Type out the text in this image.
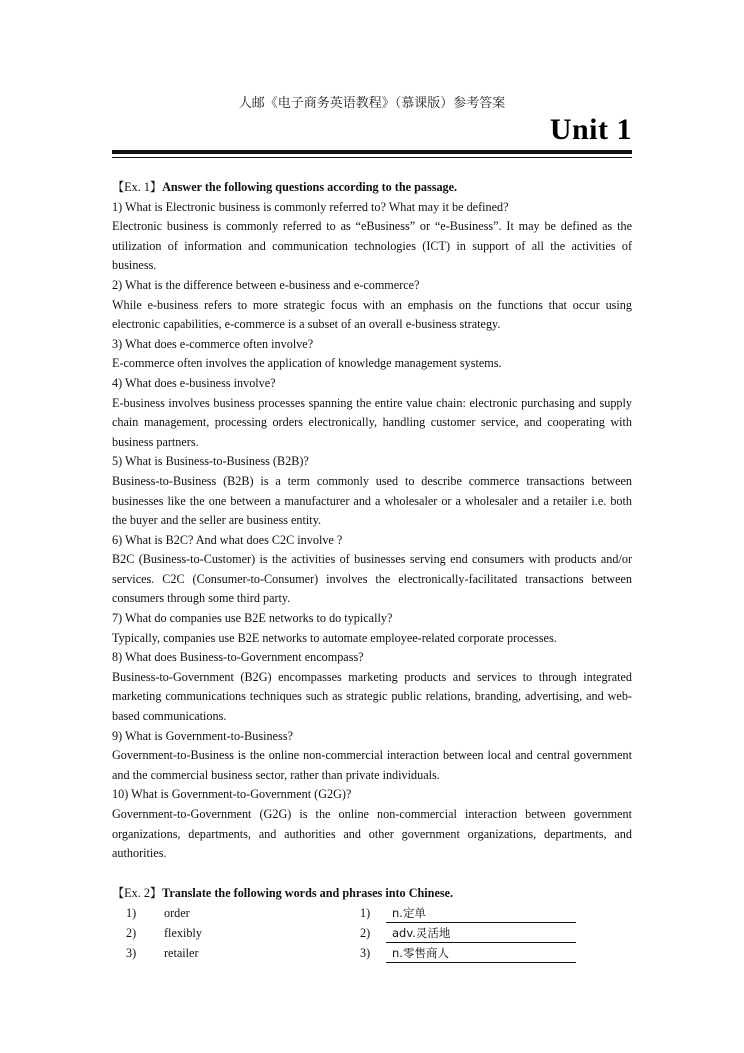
人邮《电子商务英语教程》（慕课版）参考答案
Unit 1
【Ex. 1】Answer the following questions according to the passage.
1) What is Electronic business is commonly referred to? What may it be defined?
Electronic business is commonly referred to as “eBusiness” or “e-Business”. It may be defined as the utilization of information and communication technologies (ICT) in support of all the activities of business.
2) What is the difference between e-business and e-commerce?
While e-business refers to more strategic focus with an emphasis on the functions that occur using electronic capabilities, e-commerce is a subset of an overall e-business strategy.
3) What does e-commerce often involve?
E-commerce often involves the application of knowledge management systems.
4) What does e-business involve?
E-business involves business processes spanning the entire value chain: electronic purchasing and supply chain management, processing orders electronically, handling customer service, and cooperating with business partners.
5) What is Business-to-Business (B2B)?
Business-to-Business (B2B) is a term commonly used to describe commerce transactions between businesses like the one between a manufacturer and a wholesaler or a wholesaler and a retailer i.e. both the buyer and the seller are business entity.
6) What is B2C? And what does C2C involve ?
B2C (Business-to-Customer) is the activities of businesses serving end consumers with products and/or services. C2C (Consumer-to-Consumer) involves the electronically-facilitated transactions between consumers through some third party.
7) What do companies use B2E networks to do typically?
Typically, companies use B2E networks to automate employee-related corporate processes.
8) What does Business-to-Government encompass?
Business-to-Government (B2G) encompasses marketing products and services to through integrated marketing communications techniques such as strategic public relations, branding, advertising, and web-based communications.
9) What is Government-to-Business?
Government-to-Business is the online non-commercial interaction between local and central government and the commercial business sector, rather than private individuals.
10) What is Government-to-Government (G2G)?
Government-to-Government (G2G) is the online non-commercial interaction between government organizations, departments, and authorities and other government organizations, departments, and authorities.
【Ex. 2】Translate the following words and phrases into Chinese.
1)	order	1)	n.定单
2)	flexibly	2)	adv.灵活地
3)	retailer	3)	n.零售商人
